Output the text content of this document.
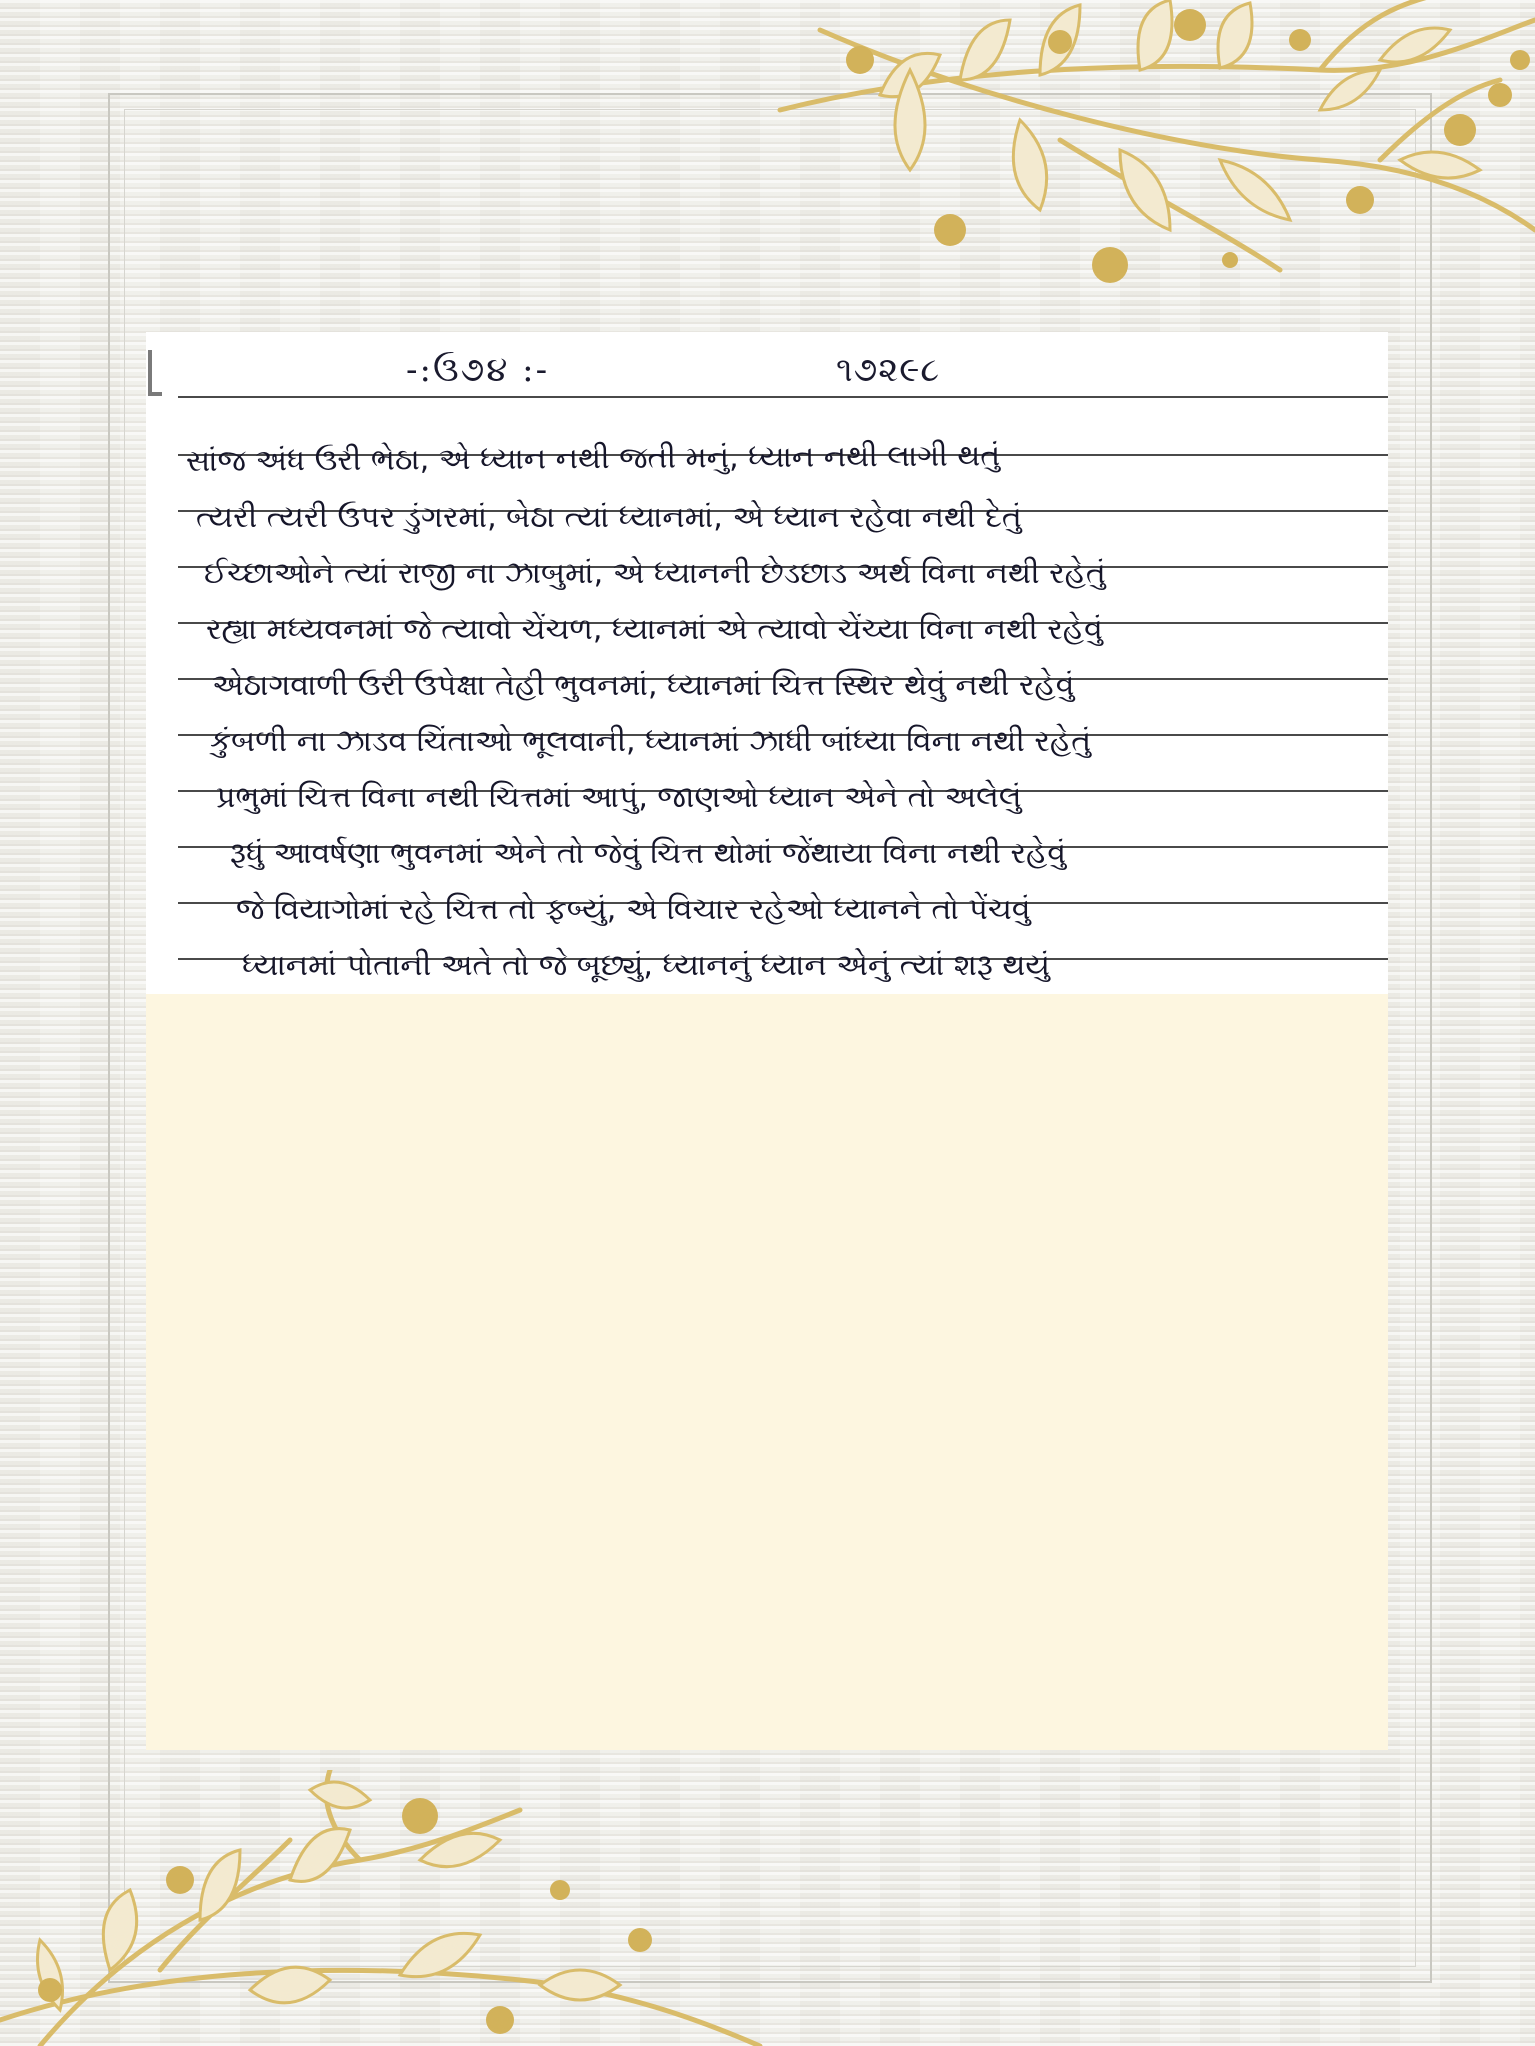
-:ઉ૭૪ :-	૧૭૨૯૮
સાંજ અંધ ઉરી ભેઠા, એ ધ્યાન નથી જતી મનું, ધ્યાન નથી લાગી થતું
ત્યરી ત્યરી ઉપર ડુંગરમાં, બેઠા ત્યાં ધ્યાનમાં, એ ધ્યાન રહેવા નથી દેતું
ઈચ્છાઓને ત્યાં રાજી ના ઝાબુમાં, એ ધ્યાનની છેડછાડ અર્થ વિના નથી રહેતું
રહ્યા મધ્યવનમાં જે ત્યાવો ચેંચળ, ધ્યાનમાં એ ત્યાવો ચેંચ્યા વિના નથી રહેવું
એઠાગવાળી ઉરી ઉપેક્ષા તેહી ભુવનમાં, ધ્યાનમાં ચિત્ત સ્થિર થેવું નથી રહેવું
કુંબળી ના ઝાડવ ચિંતાઓ ભૂલવાની, ધ્યાનમાં ઝાધી બાંધ્યા વિના નથી રહેતું
પ્રભુમાં ચિત્ત વિના નથી ચિત્તમાં આપું, જાણઓ ધ્યાન એને તો અલેલું
રૂધું આવર્ષણા ભુવનમાં એને તો જેવું ચિત્ત થોમાં જેંથાયા વિના નથી રહેવું
જે વિયાગોમાં રહે ચિત્ત તો ફબ્યું, એ વિચાર રહેઓ ધ્યાનને તો પેંચવું
ધ્યાનમાં પોતાની અતે તો જે બૂછ્યું, ધ્યાનનું ધ્યાન એનું ત્યાં શરૂ થયું
